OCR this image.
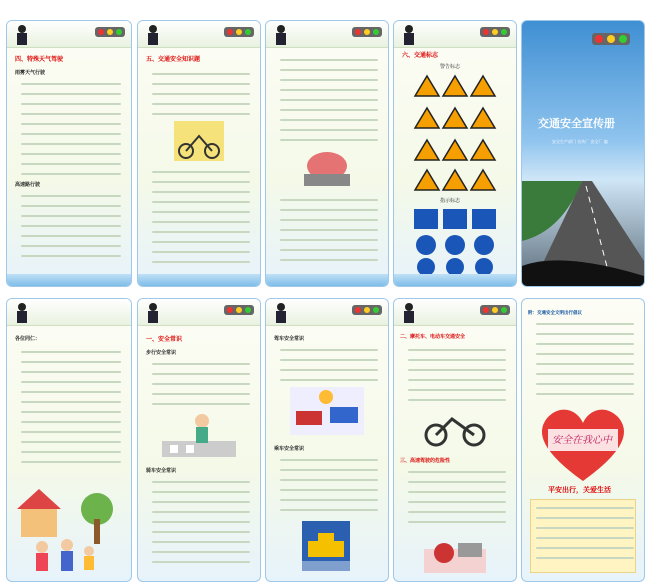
四、特殊天气驾驶
雨雾天气行驶
高速路行驶
五、交通安全知识题
六、交通标志
警告标志
指示标志
交通安全宣传册
安全生产部门 宣传厂 安全厂 编
各位同仁：	一、安全常识
步行安全常识
骑车安全常识
驾车安全常识
乘车安全常识
二、摩托车、电动车交通安全
三、高速驾驶的危险性
附：交通安全文明出行倡议
安全在我心中
平安出行，关爱生活
